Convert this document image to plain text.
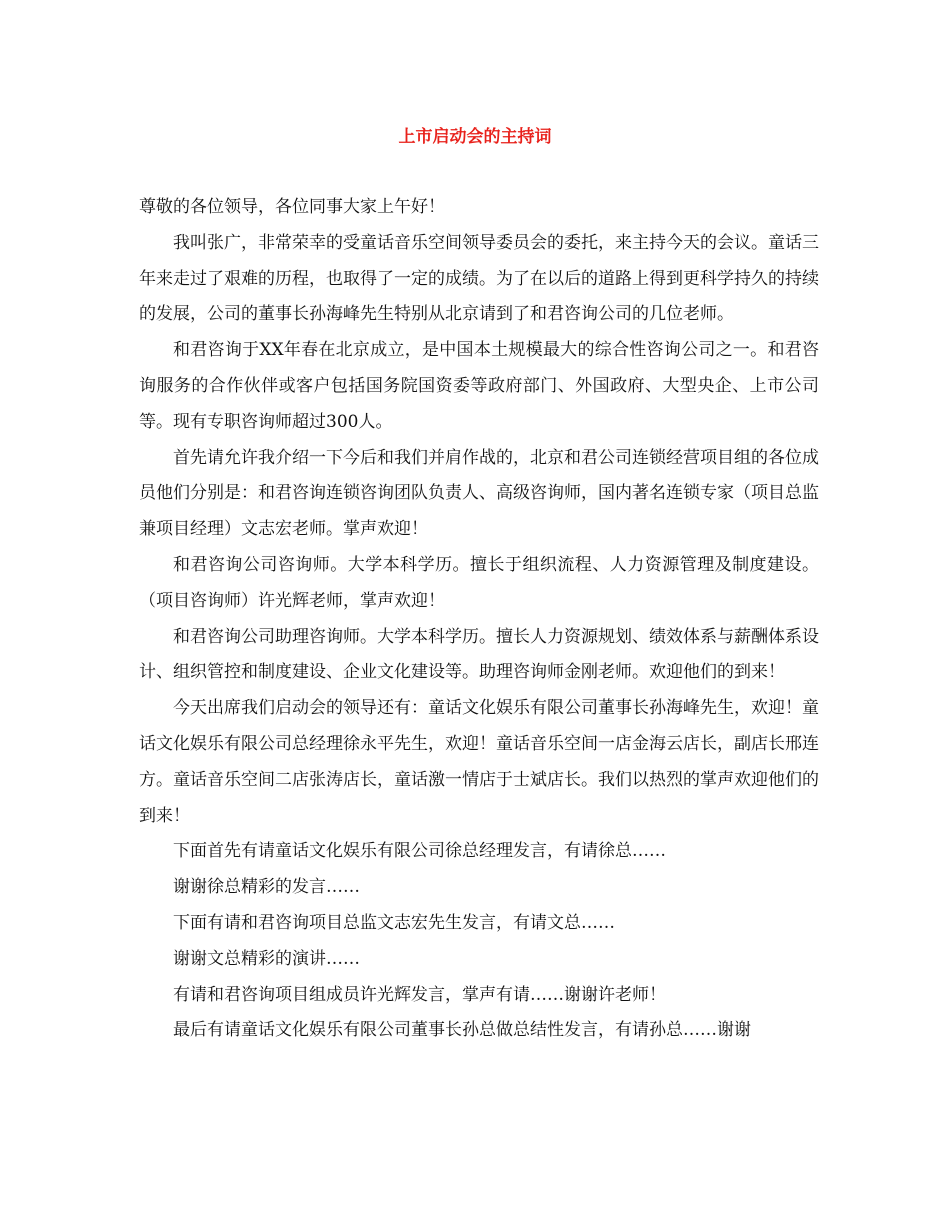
上市启动会的主持词

尊敬的各位领导，各位同事大家上午好！

我叫张广，非常荣幸的受童话音乐空间领导委员会的委托，来主持今天的会议。童话三年来走过了艰难的历程，也取得了一定的成绩。为了在以后的道路上得到更科学持久的持续的发展，公司的董事长孙海峰先生特别从北京请到了和君咨询公司的几位老师。

和君咨询于XX年春在北京成立，是中国本土规模最大的综合性咨询公司之一。和君咨询服务的合作伙伴或客户包括国务院国资委等政府部门、外国政府、大型央企、上市公司等。现有专职咨询师超过300人。

首先请允许我介绍一下今后和我们并肩作战的，北京和君公司连锁经营项目组的各位成员他们分别是：和君咨询连锁咨询团队负责人、高级咨询师，国内著名连锁专家（项目总监兼项目经理）文志宏老师。掌声欢迎！

和君咨询公司咨询师。大学本科学历。擅长于组织流程、人力资源管理及制度建设。（项目咨询师）许光辉老师，掌声欢迎！

和君咨询公司助理咨询师。大学本科学历。擅长人力资源规划、绩效体系与薪酬体系设计、组织管控和制度建设、企业文化建设等。助理咨询师金刚老师。欢迎他们的到来！

今天出席我们启动会的领导还有：童话文化娱乐有限公司董事长孙海峰先生，欢迎！童话文化娱乐有限公司总经理徐永平先生，欢迎！童话音乐空间一店金海云店长，副店长邢连方。童话音乐空间二店张涛店长，童话激一情店于士斌店长。我们以热烈的掌声欢迎他们的到来！

下面首先有请童话文化娱乐有限公司徐总经理发言，有请徐总……

谢谢徐总精彩的发言……

下面有请和君咨询项目总监文志宏先生发言，有请文总……

谢谢文总精彩的演讲……

有请和君咨询项目组成员许光辉发言，掌声有请……谢谢许老师！

最后有请童话文化娱乐有限公司董事长孙总做总结性发言，有请孙总……谢谢
